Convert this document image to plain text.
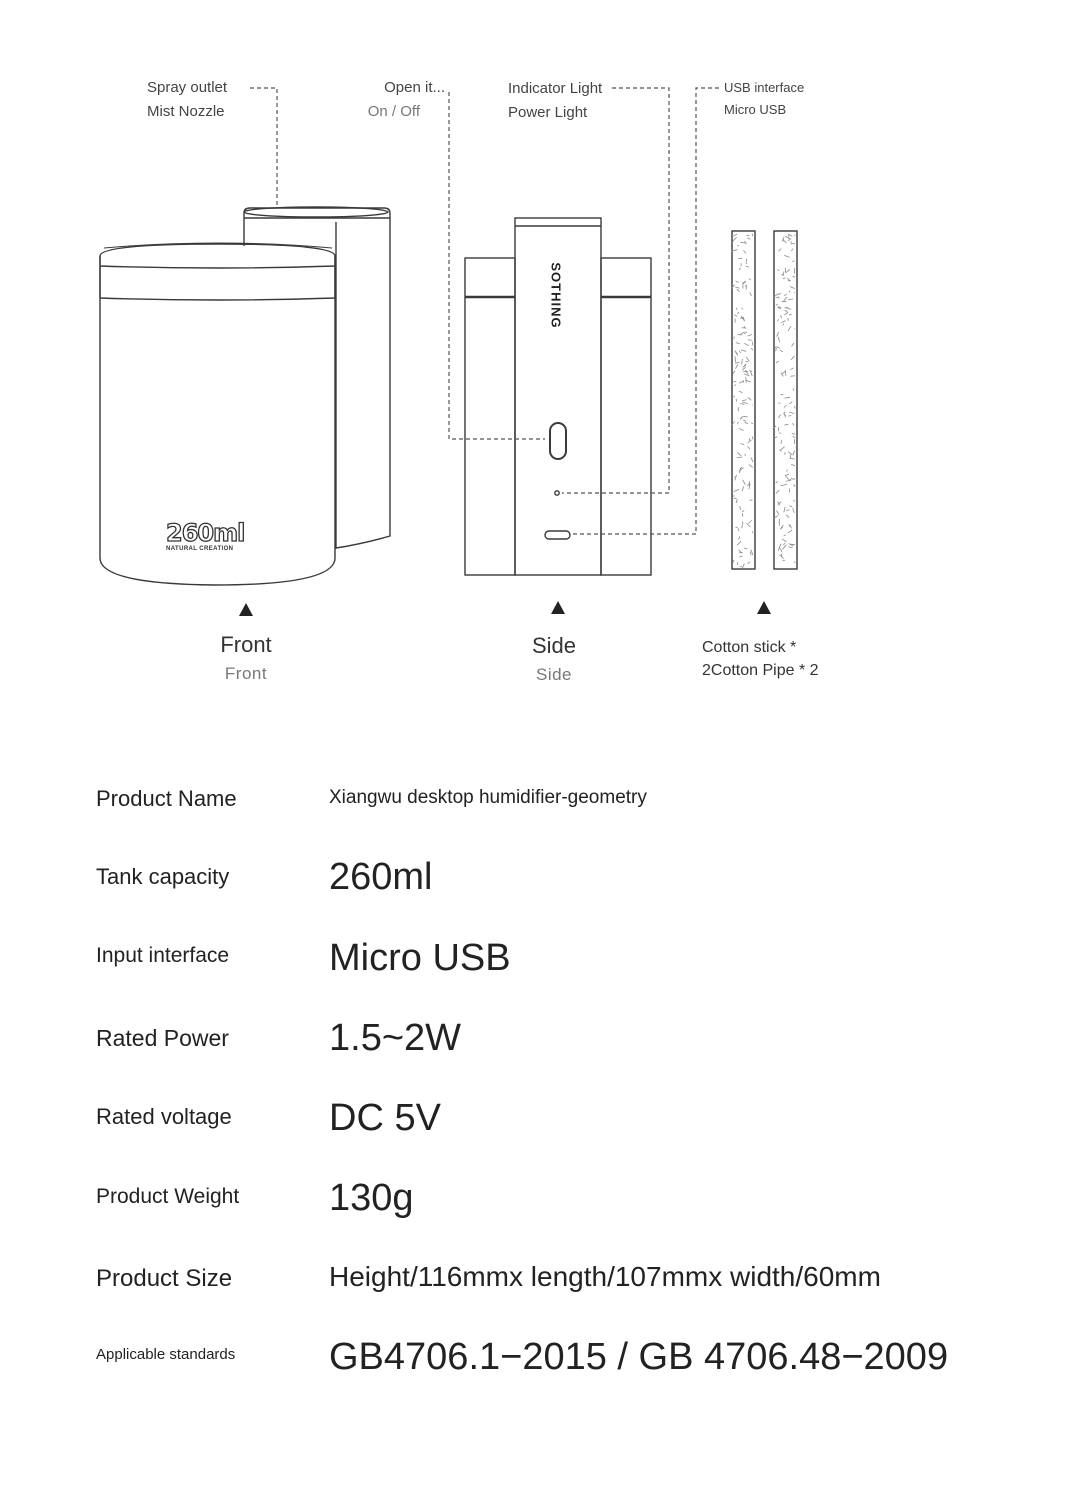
260ml
NATURAL CREATION
SOTHING
Spray outlet
Mist Nozzle
Open it...
On / Off
Indicator Light
Power Light
USB interface
Micro USB
Front
Front
Side
Side
Cotton stick *
2Cotton Pipe * 2
Product Name	Xiangwu desktop humidifier-geometry
Tank capacity	260ml
Input interface	Micro USB
Rated Power	1.5~2W
Rated voltage	DC 5V
Product Weight 130g
Product Size	Height/116mmx length/107mmx width/60mm
Applicable standards GB4706.1−2015 / GB 4706.48−2009
